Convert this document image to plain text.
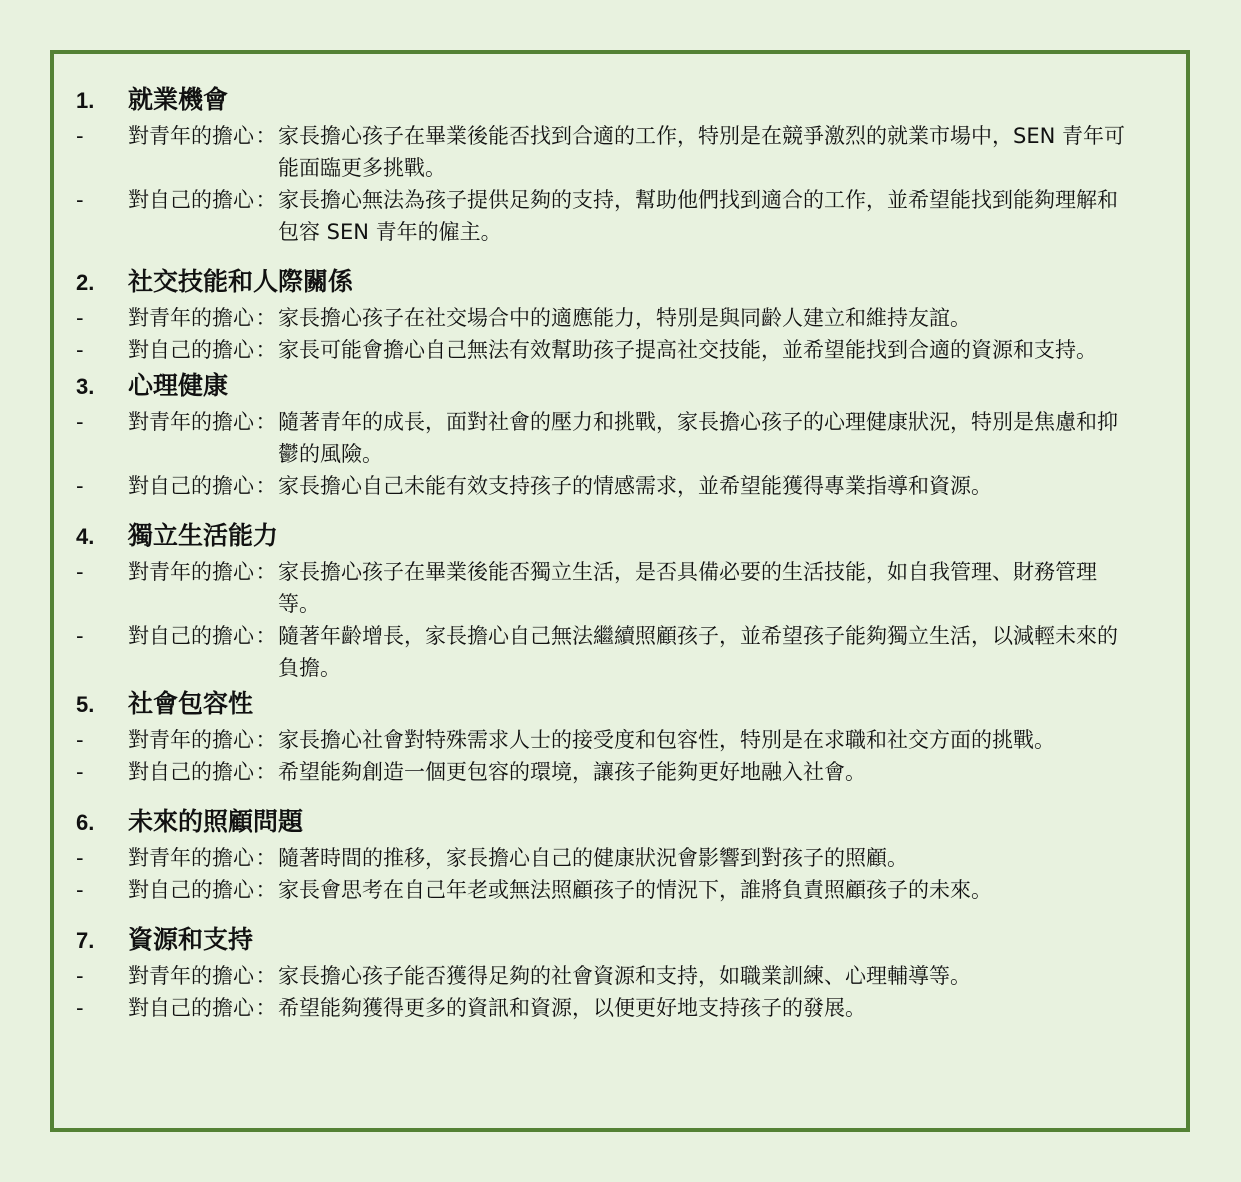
1.	就業機會
-	對青年的擔心 ： 家長擔心孩子在畢業後能否找到合適的工作，特別是在競爭激烈的就業市場中，SEN 青年可能面臨更多挑戰。
-	對自己的擔心 ： 家長擔心無法為孩子提供足夠的支持，幫助他們找到適合的工作，並希望能找到能夠理解和包容 SEN 青年的僱主。
2.	社交技能和人際關係
-	對青年的擔心 ： 家長擔心孩子在社交場合中的適應能力，特別是與同齡人建立和維持友誼。
-	對自己的擔心 ： 家長可能會擔心自己無法有效幫助孩子提高社交技能，並希望能找到合適的資源和支持。
3.	心理健康
-	對青年的擔心 ： 隨著青年的成長，面對社會的壓力和挑戰，家長擔心孩子的心理健康狀況，特別是焦慮和抑鬱的風險。
-	對自己的擔心 ： 家長擔心自己未能有效支持孩子的情感需求，並希望能獲得專業指導和資源。
4.	獨立生活能力
-	對青年的擔心 ： 家長擔心孩子在畢業後能否獨立生活，是否具備必要的生活技能，如自我管理、財務管理等。
-	對自己的擔心 ： 隨著年齡增長，家長擔心自己無法繼續照顧孩子，並希望孩子能夠獨立生活，以減輕未來的負擔。
5.	社會包容性
-	對青年的擔心 ： 家長擔心社會對特殊需求人士的接受度和包容性，特別是在求職和社交方面的挑戰。
-	對自己的擔心 ： 希望能夠創造一個更包容的環境，讓孩子能夠更好地融入社會。
6.	未來的照顧問題
-	對青年的擔心 ： 隨著時間的推移，家長擔心自己的健康狀況會影響到對孩子的照顧。
-	對自己的擔心 ： 家長會思考在自己年老或無法照顧孩子的情況下，誰將負責照顧孩子的未來。
7.	資源和支持
-	對青年的擔心 ： 家長擔心孩子能否獲得足夠的社會資源和支持，如職業訓練、心理輔導等。
-	對自己的擔心 ： 希望能夠獲得更多的資訊和資源，以便更好地支持孩子的發展。
